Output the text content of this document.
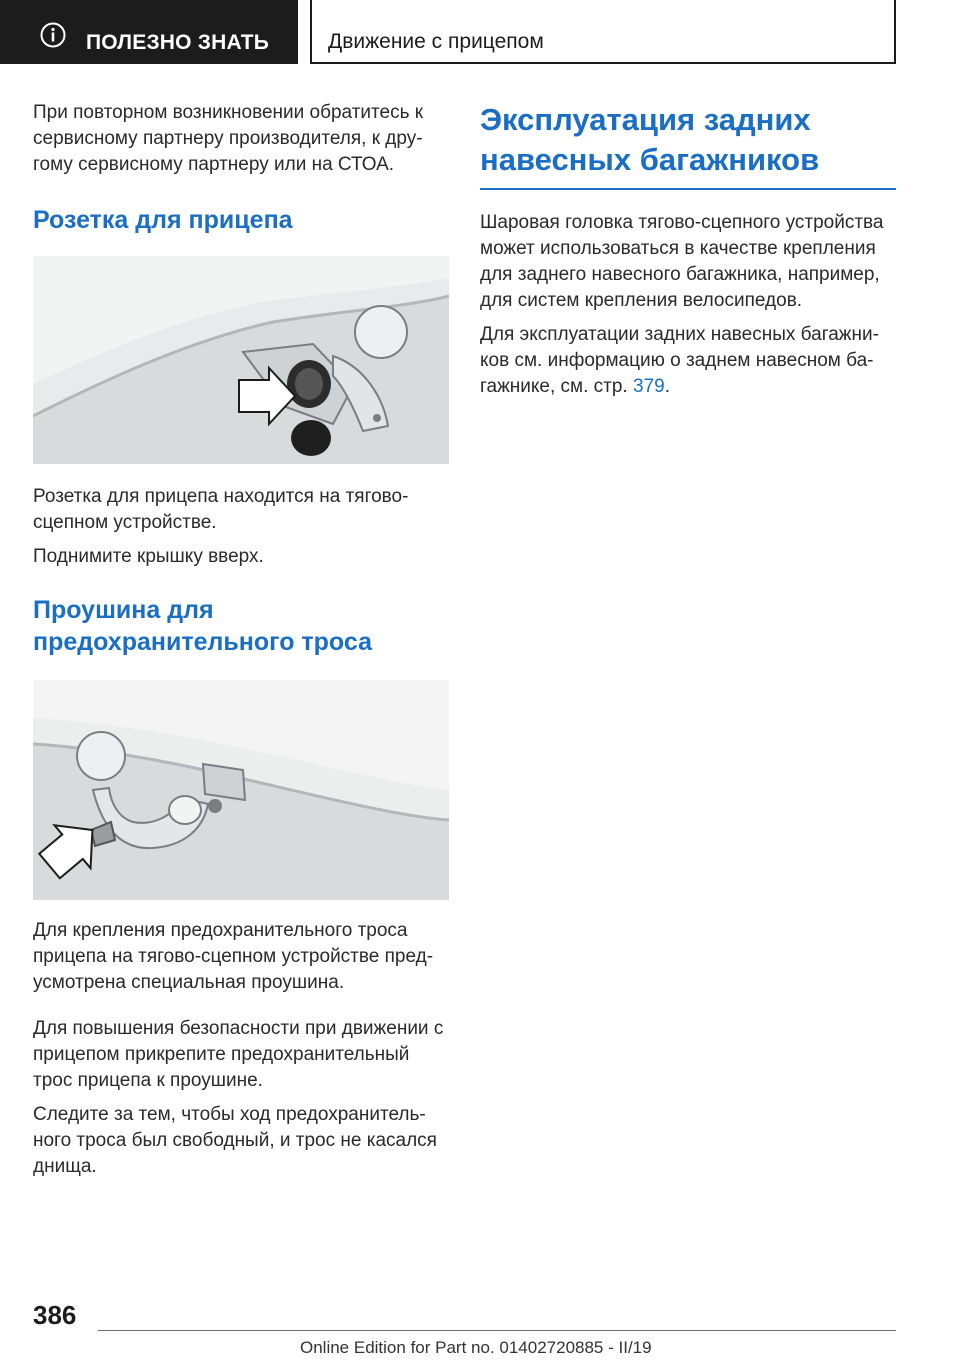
ПОЛЕЗНО ЗНАТЬ	Движение с прицепом

При повторном возникновении обратитесь к сервисному партнеру производителя, к дру-гому сервисному партнеру или на СТОА.

Розетка для прицепа

Розетка для прицепа находится на тягово-сцепном устройстве.

Поднимите крышку вверх.

Проушина для предохранительного троса

Для крепления предохранительного троса прицепа на тягово-сцепном устройстве пред-усмотрена специальная проушина.

Для повышения безопасности при движении с прицепом прикрепите предохранительный трос прицепа к проушине.

Следите за тем, чтобы ход предохранитель-ного троса был свободный, и трос не касался днища.

Эксплуатация задних навесных багажников

Шаровая головка тягово-сцепного устройства может использоваться в качестве крепления для заднего навесного багажника, например, для систем крепления велосипедов.

Для эксплуатации задних навесных багажни-ков см. информацию о заднем навесном ба-гажнике, см. стр. 379.

386
Online Edition for Part no. 01402720885 - II/19
